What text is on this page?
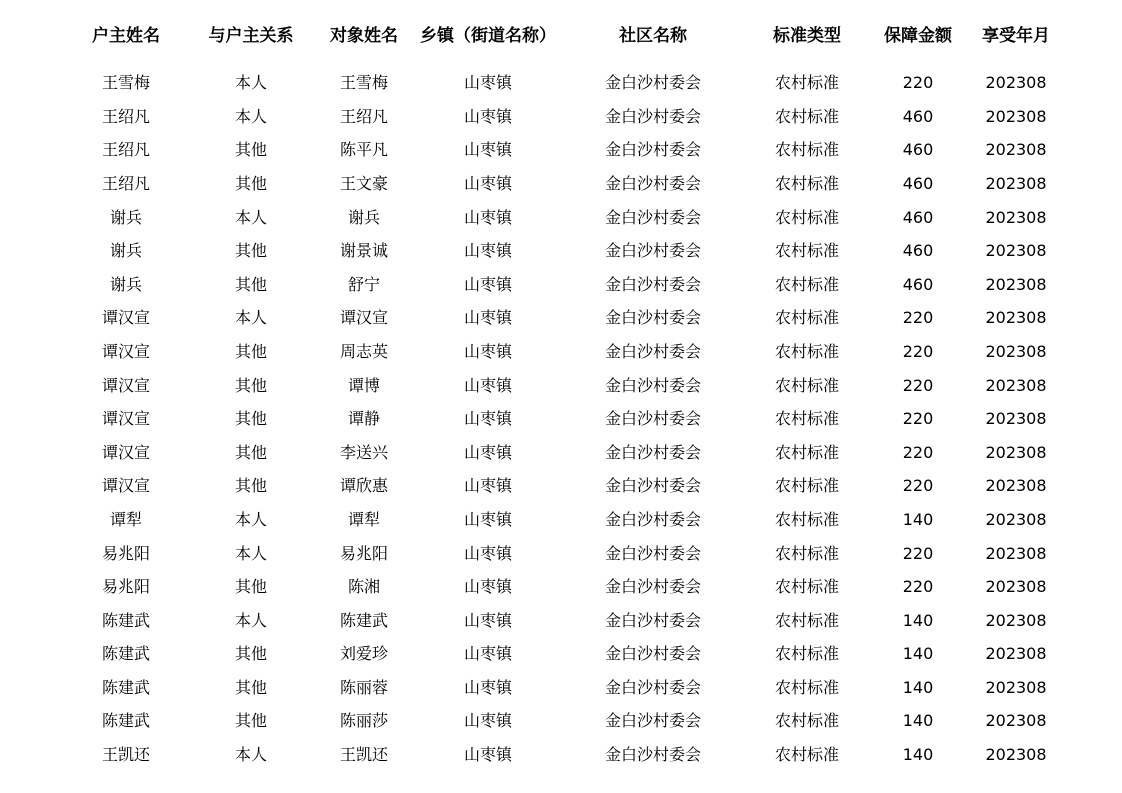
户主姓名	与户主关系	对象姓名	乡镇（街道名称）	社区名称	标准类型	保障金额	享受年月
王雪梅	本人	王雪梅	山枣镇	金白沙村委会	农村标准	220	202308
王绍凡	本人	王绍凡	山枣镇	金白沙村委会	农村标准	460	202308
王绍凡	其他	陈平凡	山枣镇	金白沙村委会	农村标准	460	202308
王绍凡	其他	王文豪	山枣镇	金白沙村委会	农村标准	460	202308
谢兵	本人	谢兵	山枣镇	金白沙村委会	农村标准	460	202308
谢兵	其他	谢景诚	山枣镇	金白沙村委会	农村标准	460	202308
谢兵	其他	舒宁	山枣镇	金白沙村委会	农村标准	460	202308
谭汉宣	本人	谭汉宣	山枣镇	金白沙村委会	农村标准	220	202308
谭汉宣	其他	周志英	山枣镇	金白沙村委会	农村标准	220	202308
谭汉宣	其他	谭博	山枣镇	金白沙村委会	农村标准	220	202308
谭汉宣	其他	谭静	山枣镇	金白沙村委会	农村标准	220	202308
谭汉宣	其他	李送兴	山枣镇	金白沙村委会	农村标准	220	202308
谭汉宣	其他	谭欣惠	山枣镇	金白沙村委会	农村标准	220	202308
谭犁	本人	谭犁	山枣镇	金白沙村委会	农村标准	140	202308
易兆阳	本人	易兆阳	山枣镇	金白沙村委会	农村标准	220	202308
易兆阳	其他	陈湘	山枣镇	金白沙村委会	农村标准	220	202308
陈建武	本人	陈建武	山枣镇	金白沙村委会	农村标准	140	202308
陈建武	其他	刘爱珍	山枣镇	金白沙村委会	农村标准	140	202308
陈建武	其他	陈丽蓉	山枣镇	金白沙村委会	农村标准	140	202308
陈建武	其他	陈丽莎	山枣镇	金白沙村委会	农村标准	140	202308
王凯还	本人	王凯还	山枣镇	金白沙村委会	农村标准	140	202308
